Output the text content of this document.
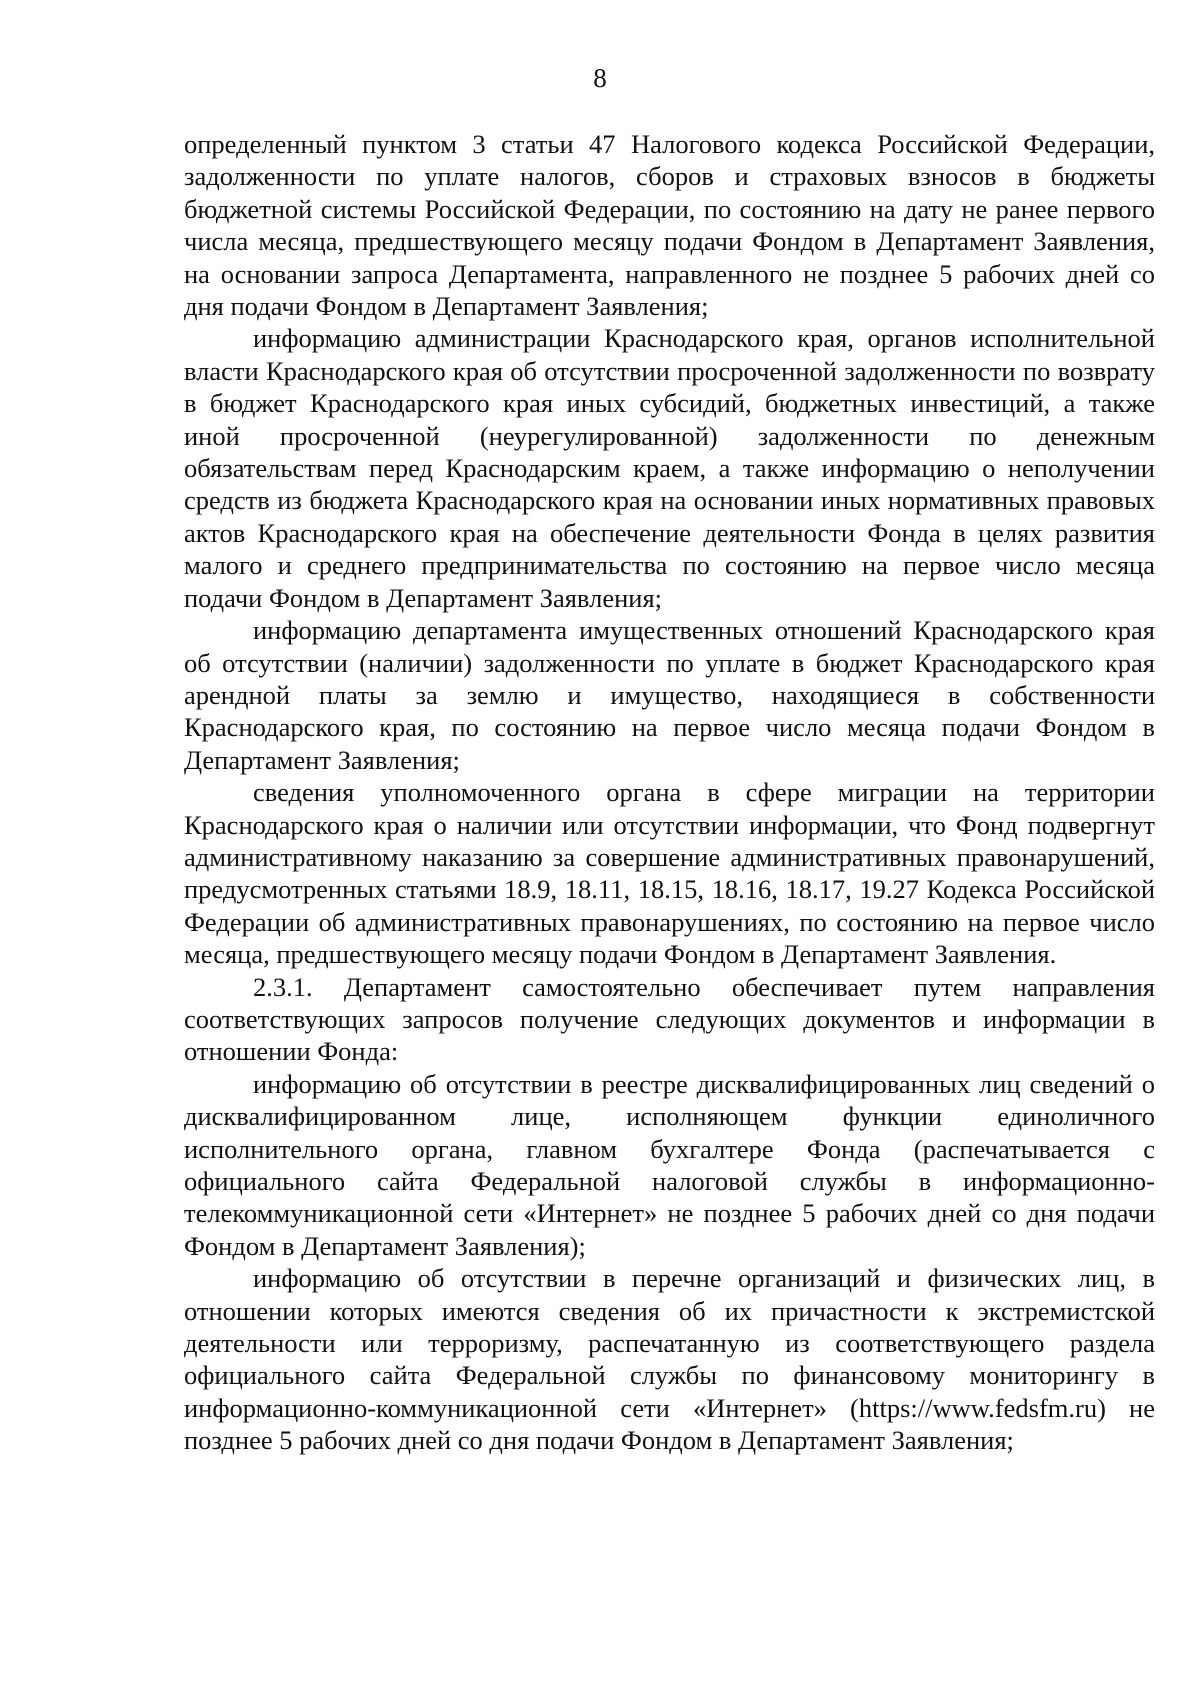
8

определенный пунктом 3 статьи 47 Налогового кодекса Российской Федерации, задолженности по уплате налогов, сборов и страховых взносов в бюджеты бюджетной системы Российской Федерации, по состоянию на дату не ранее первого числа месяца, предшествующего месяцу подачи Фондом в Департамент Заявления, на основании запроса Департамента, направленного не позднее 5 рабочих дней со дня подачи Фондом в Департамент Заявления;

информацию администрации Краснодарского края, органов исполнительной власти Краснодарского края об отсутствии просроченной задолженности по возврату в бюджет Краснодарского края иных субсидий, бюджетных инвестиций, а также иной просроченной (неурегулированной) задолженности по денежным обязательствам перед Краснодарским краем, а также информацию о неполучении средств из бюджета Краснодарского края на основании иных нормативных правовых актов Краснодарского края на обеспечение деятельности Фонда в целях развития малого и среднего предпринимательства по состоянию на первое число месяца подачи Фондом в Департамент Заявления;

информацию департамента имущественных отношений Краснодарского края об отсутствии (наличии) задолженности по уплате в бюджет Краснодарского края арендной платы за землю и имущество, находящиеся в собственности Краснодарского края, по состоянию на первое число месяца подачи Фондом в Департамент Заявления;

сведения уполномоченного органа в сфере миграции на территории Краснодарского края о наличии или отсутствии информации, что Фонд подвергнут административному наказанию за совершение административных правонарушений, предусмотренных статьями 18.9, 18.11, 18.15, 18.16, 18.17, 19.27 Кодекса Российской Федерации об административных правонарушениях, по состоянию на первое число месяца, предшествующего месяцу подачи Фондом в Департамент Заявления.

2.3.1. Департамент самостоятельно обеспечивает путем направления соответствующих запросов получение следующих документов и информации в отношении Фонда:

информацию об отсутствии в реестре дисквалифицированных лиц сведений о дисквалифицированном лице, исполняющем функции единоличного исполнительного органа, главном бухгалтере Фонда (распечатывается с официального сайта Федеральной налоговой службы в информационно-телекоммуникационной сети «Интернет» не позднее 5 рабочих дней со дня подачи Фондом в Департамент Заявления);

информацию об отсутствии в перечне организаций и физических лиц, в отношении которых имеются сведения об их причастности к экстремистской деятельности или терроризму, распечатанную из соответствующего раздела официального сайта Федеральной службы по финансовому мониторингу в информационно-коммуникационной сети «Интернет» (https://www.fedsfm.ru) не позднее 5 рабочих дней со дня подачи Фондом в Департамент Заявления;
